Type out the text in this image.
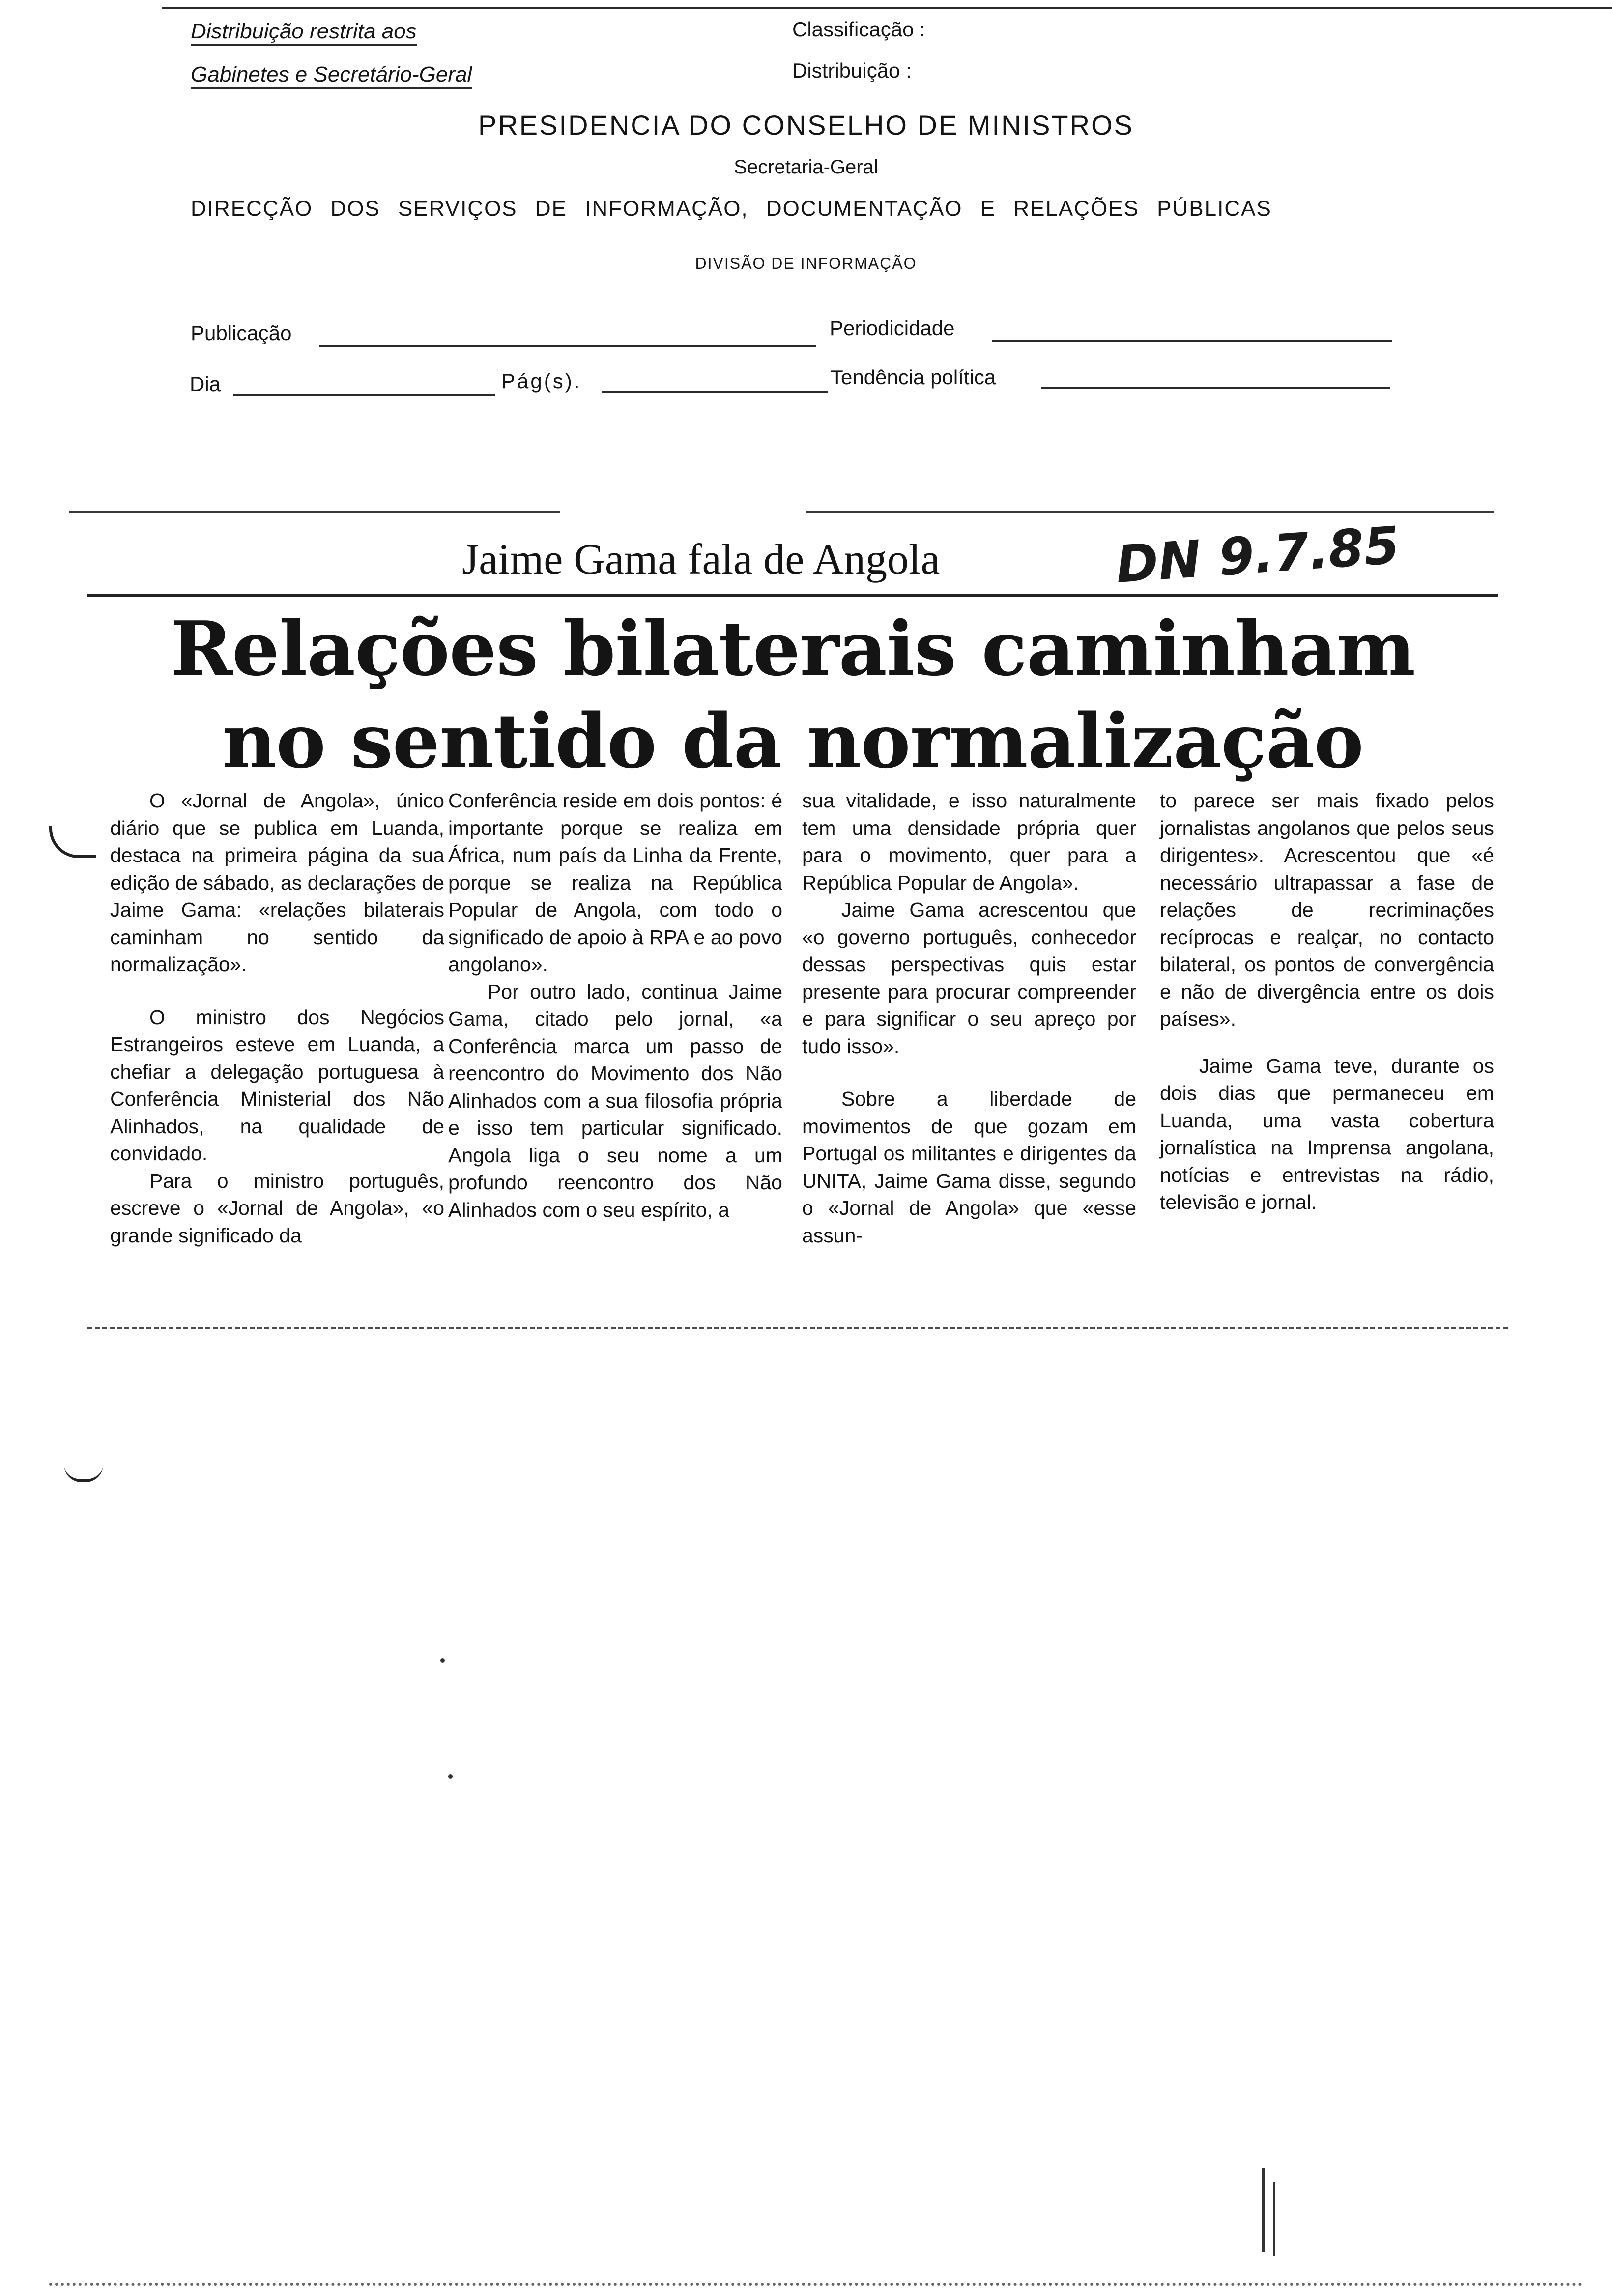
Distribuição restrita aos
Gabinetes e Secretário-Geral
Classificação :
Distribuição :
PRESIDENCIA DO CONSELHO DE MINISTROS
Secretaria-Geral
DIRECÇÃO DOS SERVIÇOS DE INFORMAÇÃO, DOCUMENTAÇÃO E RELAÇÕES PÚBLICAS
DIVISÃO DE INFORMAÇÃO
Publicação	Periodicidade
Dia	Pág(s).	Tendência política
Jaime Gama fala de Angola	DN 9.7.85
Relações bilaterais caminham
no sentido da normalização

O «Jornal de Angola», único diário que se publica em Luanda, destaca na primeira página da sua edição de sábado, as declarações de Jaime Gama: «relações bilaterais caminham no sentido da normalização».

O ministro dos Negócios Estrangeiros esteve em Luanda, a chefiar a delegação portuguesa à Conferência Ministerial dos Não Alinhados, na qualidade de convidado.

Para o ministro português, escreve o «Jornal de Angola», «o grande significado da

Conferência reside em dois pontos: é importante porque se realiza em África, num país da Linha da Frente, porque se realiza na República Popular de Angola, com todo o significado de apoio à RPA e ao povo angolano».

Por outro lado, continua Jaime Gama, citado pelo jornal, «a Conferência marca um passo de reencontro do Movimento dos Não Alinhados com a sua filosofia própria e isso tem particular significado. Angola liga o seu nome a um profundo reencontro dos Não Alinhados com o seu espírito, a

sua vitalidade, e isso naturalmente tem uma densidade própria quer para o movimento, quer para a República Popular de Angola».

Jaime Gama acrescentou que «o governo português, conhecedor dessas perspectivas quis estar presente para procurar compreender e para significar o seu apreço por tudo isso».

Sobre a liberdade de movimentos de que gozam em Portugal os militantes e dirigentes da UNITA, Jaime Gama disse, segundo o «Jornal de Angola» que «esse assun-

to parece ser mais fixado pelos jornalistas angolanos que pelos seus dirigentes». Acrescentou que «é necessário ultrapassar a fase de relações de recriminações recíprocas e realçar, no contacto bilateral, os pontos de convergência e não de divergência entre os dois países».

Jaime Gama teve, durante os dois dias que permaneceu em Luanda, uma vasta cobertura jornalística na Imprensa angolana, notícias e entrevistas na rádio, televisão e jornal.
